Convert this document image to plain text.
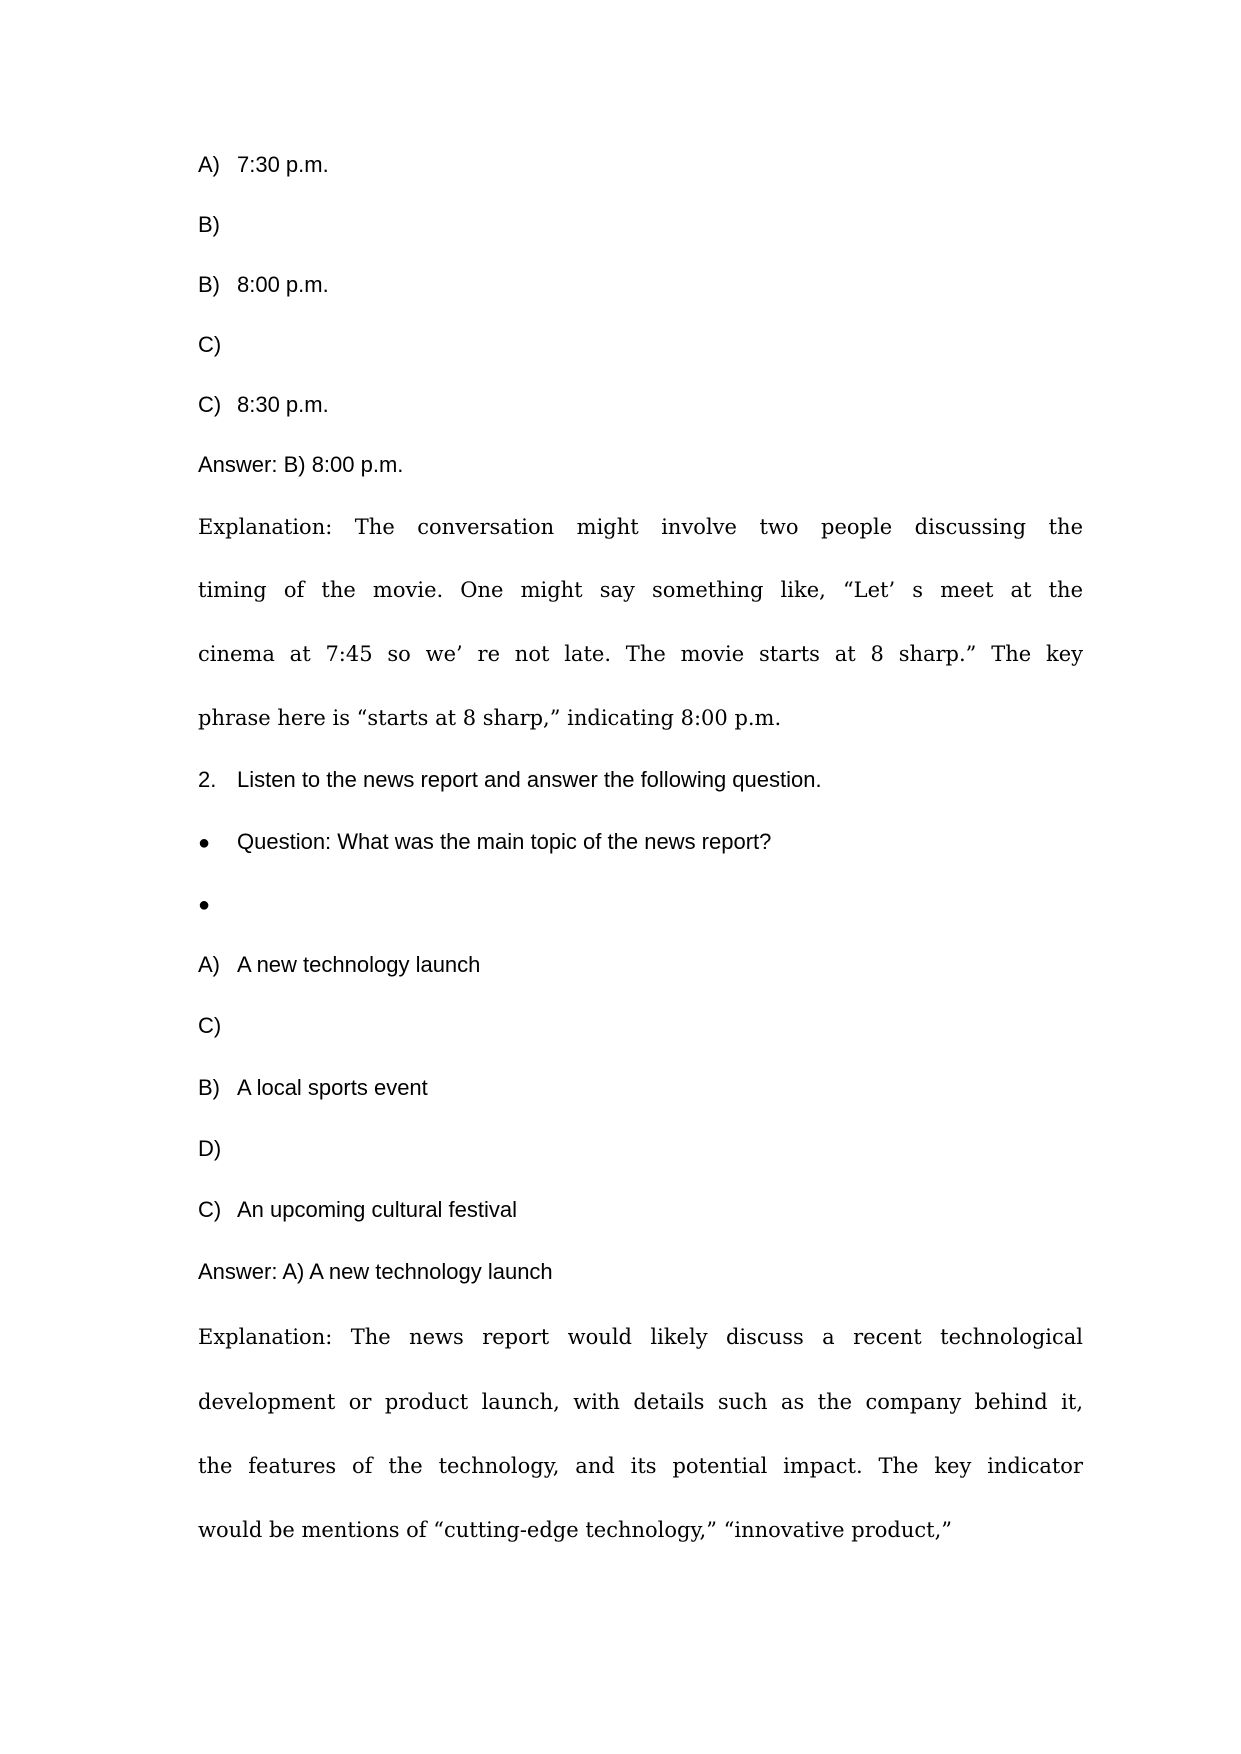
A) 7:30 p.m.
B)
B) 8:00 p.m.
C)
C) 8:30 p.m.
Answer: B) 8:00 p.m.
Explanation: The conversation might involve two people discussing the
timing of the movie. One might say something like, “Let’ s meet at the
cinema at 7:45 so we’ re not late. The movie starts at 8 sharp.” The key
phrase here is “starts at 8 sharp,” indicating 8:00 p.m.
2. Listen to the news report and answer the following question.
● Question: What was the main topic of the news report?
●
A) A new technology launch
C)
B) A local sports event
D)
C) An upcoming cultural festival
Answer: A) A new technology launch
Explanation: The news report would likely discuss a recent technological
development or product launch, with details such as the company behind it,
the features of the technology, and its potential impact. The key indicator
would be mentions of “cutting-edge technology,” “innovative product,”
